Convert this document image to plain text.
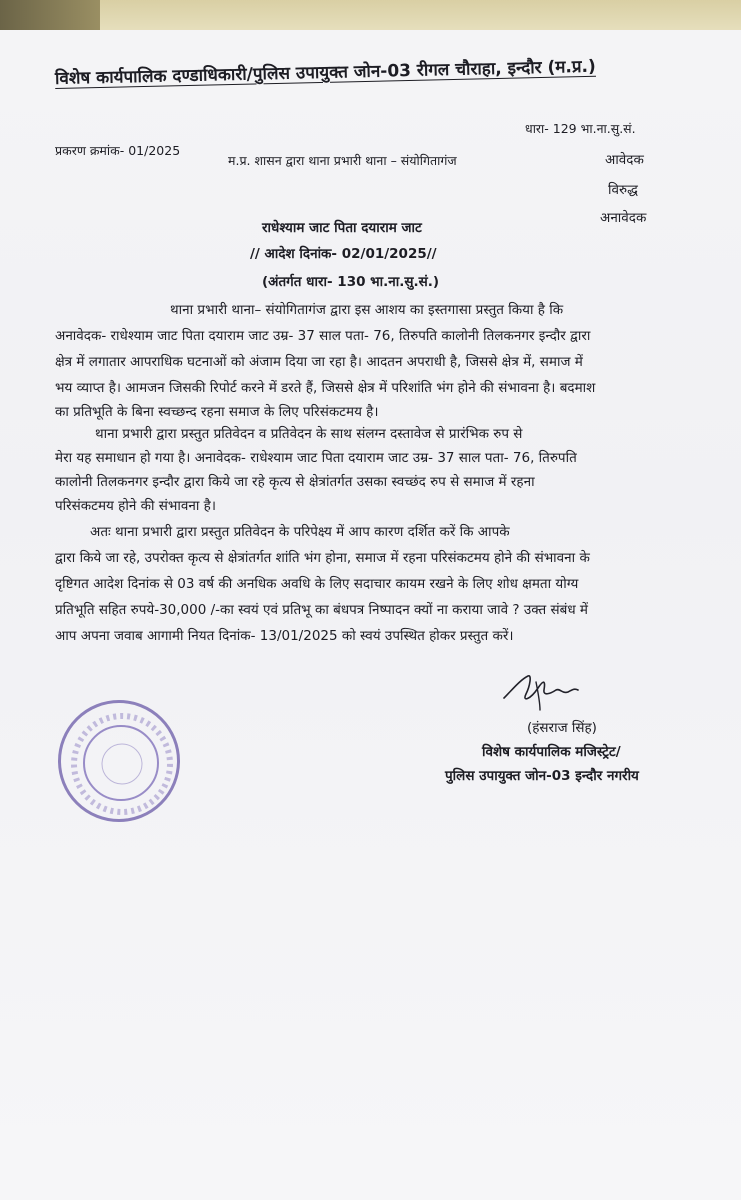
विशेष कार्यपालिक दण्डाधिकारी/पुलिस उपायुक्त जोन-03 रीगल चौराहा, इन्दौर (म.प्र.)
प्रकरण क्रमांक- 01/2025
धारा- 129 भा.ना.सु.सं.
म.प्र. शासन द्वारा थाना प्रभारी थाना – संयोगितागंज	आवेदक
विरुद्ध
अनावेदक
राधेश्याम जाट पिता दयाराम जाट
// आदेश दिनांक- 02/01/2025//
(अंतर्गत धारा- 130 भा.ना.सु.सं.)
थाना प्रभारी थाना– संयोगितागंज द्वारा इस आशय का इस्तगासा प्रस्तुत किया है कि
अनावेदक- राधेश्याम जाट पिता दयाराम जाट उम्र- 37 साल पता- 76, तिरुपति कालोनी तिलकनगर इन्दौर द्वारा
क्षेत्र में लगातार आपराधिक घटनाओं को अंजाम दिया जा रहा है। आदतन अपराधी है, जिससे क्षेत्र में, समाज में
भय व्याप्त है। आमजन जिसकी रिपोर्ट करने में डरते हैं, जिससे क्षेत्र में परिशांति भंग होने की संभावना है। बदमाश
का प्रतिभूति के बिना स्वच्छन्द रहना समाज के लिए परिसंकटमय है।
थाना प्रभारी द्वारा प्रस्तुत प्रतिवेदन व प्रतिवेदन के साथ संलग्न दस्तावेज से प्रारंभिक रुप से
मेरा यह समाधान हो गया है। अनावेदक- राधेश्याम जाट पिता दयाराम जाट उम्र- 37 साल पता- 76, तिरुपति
कालोनी तिलकनगर इन्दौर द्वारा किये जा रहे कृत्य से क्षेत्रांतर्गत उसका स्वच्छंद रुप से समाज में रहना
परिसंकटमय होने की संभावना है।
अतः थाना प्रभारी द्वारा प्रस्तुत प्रतिवेदन के परिपेक्ष्य में आप कारण दर्शित करें कि आपके
द्वारा किये जा रहे, उपरोक्त कृत्य से क्षेत्रांतर्गत शांति भंग होना, समाज में रहना परिसंकटमय होने की संभावना के
दृष्टिगत आदेश दिनांक से 03 वर्ष की अनधिक अवधि के लिए सदाचार कायम रखने के लिए शोध क्षमता योग्य
प्रतिभूति सहित रुपये-30,000 /-का स्वयं एवं प्रतिभू का बंधपत्र निष्पादन क्यों ना कराया जावे ? उक्त संबंध में
आप अपना जवाब आगामी नियत दिनांक- 13/01/2025 को स्वयं उपस्थित होकर प्रस्तुत करें।
(हंसराज सिंह)
विशेष कार्यपालिक मजिस्ट्रेट/
पुलिस उपायुक्त जोन-03 इन्दौर नगरीय
